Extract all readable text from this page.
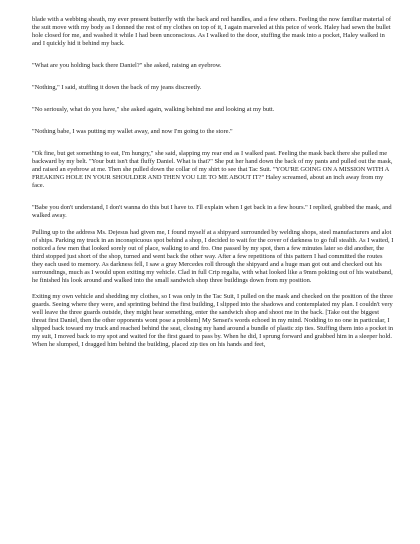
blade with a webbing sheath, my ever present butterfly with the back and red handles, and a few others. Feeling the now familiar material of the suit move with my body as I donned the rest of my clothes on top of it, I again marveled at this peice of work. Haley had sewn the bullet hole closed for me, and washed it while I had been unconscious. As I walked to the door, stuffing the mask into a pocket, Haley walked in and I quickly hid it behind my back.

"What are you holding back there Daniel?" she asked, raising an eyebrow.

"Nothing," I said, stuffing it down the back of my jeans discreetly.

"No seriously, what do you have," she asked again, walking behind me and looking at my butt.

"Nothing babe, I was putting my wallet away, and now I'm going to the store."

"Ok fine, but get something to eat, I'm hungry," she said, slapping my rear end as I walked past. Feeling the mask back there she pulled me backward by my belt. "Your butt isn't that fluffy Daniel. What is that?" She put her hand down the back of my pants and pulled out the mask, and raised an eyebrow at me. Then she pulled down the collar of my shirt to see that Tac Suit. "YOU'RE GOING ON A MISSION WITH A FREAKING HOLE IN YOUR SHOULDER AND THEN YOU LIE TO ME ABOUT IT?" Haley screamed, about an inch away from my face.

"Babe you don't understand, I don't wanna do this but I have to. I'll explain when I get back in a few hours." I replied, grabbed the mask, and walked away.

Pulling up to the address Ms. Dejesus had given me, I found myself at a shipyard surrounded by welding shops, steel manufacturers and alot of ships. Parking my truck in an inconspicuous spot behind a shop, I decided to wait for the cover of darkness to go full stealth. As I waited, I noticed a few men that looked sorely out of place, walking to and fro. One passed by my spot, then a few minutes later so did another, the third stopped just short of the shop, turned and went back the other way. After a few repetitions of this pattern I had committed the routes they each used to memory. As darkness fell, I saw a gray Mercedes roll through the shipyard and a huge man got out and checked out his surroundings, much as I would upon exiting my vehicle. Clad in full Crip regalia, with what looked like a 9mm pokiing out of his waistband, he finished his look around and walked into the small sandwich shop three buildings down from my position.

Exiting my own vehicle and shedding my clothes, so I was only in the Tac Suit, I pulled on the mask and checked on the position of the three guards. Seeing where they were, and sprinting behind the first building, I slipped into the shadows and contemplated my plan. I couldn't very well leave the three guards outside, they might hear something, enter the sandwich shop and shoot me in the back. [Take out the biggest threat first Daniel, then the other opponents wont pose a problem] My Sensei's words echoed in my mind. Nodding to no one in particular, I slipped back toward my truck and reached behind the seat, closing my hand around a bundle of plastic zip ties. Stuffing them into a pocket in my suit, I moved back to my spot and waited for the first guard to pass by. When he did, I sprung forward and grabbed him in a sleeper hold. When he slumped, I dragged him behind the building, placed zip ties on his hands and feet,
